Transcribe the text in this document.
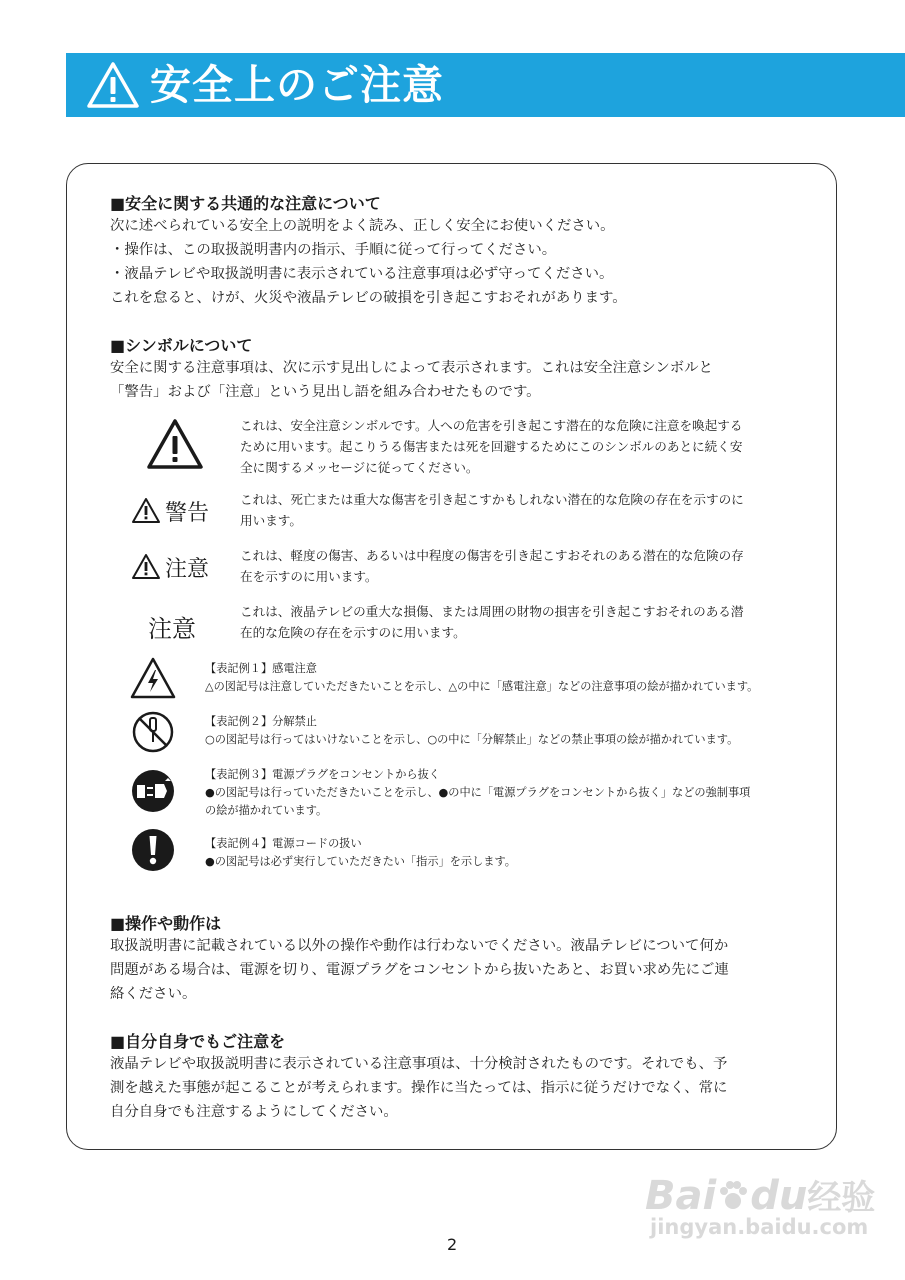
安全上のご注意
■安全に関する共通的な注意について
次に述べられている安全上の説明をよく読み、正しく安全にお使いください。
・操作は、この取扱説明書内の指示、手順に従って行ってください。
・液晶テレビや取扱説明書に表示されている注意事項は必ず守ってください。
これを怠ると、けが、火災や液晶テレビの破損を引き起こすおそれがあります。
■シンボルについて
安全に関する注意事項は、次に示す見出しによって表示されます。これは安全注意シンボルと
「警告」および「注意」という見出し語を組み合わせたものです。
これは、安全注意シンボルです。人への危害を引き起こす潜在的な危険に注意を喚起する
ために用います。起こりうる傷害または死を回避するためにこのシンボルのあとに続く安
全に関するメッセージに従ってください。
警告
これは、死亡または重大な傷害を引き起こすかもしれない潜在的な危険の存在を示すのに
用います。
注意
これは、軽度の傷害、あるいは中程度の傷害を引き起こすおそれのある潜在的な危険の存
在を示すのに用います。
注意
これは、液晶テレビの重大な損傷、または周囲の財物の損害を引き起こすおそれのある潜
在的な危険の存在を示すのに用います。
【表記例１】感電注意
△の図記号は注意していただきたいことを示し、△の中に「感電注意」などの注意事項の絵が描かれています。
【表記例２】分解禁止
○の図記号は行ってはいけないことを示し、○の中に「分解禁止」などの禁止事項の絵が描かれています。
【表記例３】電源プラグをコンセントから抜く
●の図記号は行っていただきたいことを示し、●の中に「電源プラグをコンセントから抜く」などの強制事項
の絵が描かれています。
【表記例４】電源コードの扱い
●の図記号は必ず実行していただきたい「指示」を示します。
■操作や動作は
取扱説明書に記載されている以外の操作や動作は行わないでください。液晶テレビについて何か
問題がある場合は、電源を切り、電源プラグをコンセントから抜いたあと、お買い求め先にご連
絡ください。
■自分自身でもご注意を
液晶テレビや取扱説明書に表示されている注意事項は、十分検討されたものです。それでも、予
測を越えた事態が起こることが考えられます。操作に当たっては、指示に従うだけでなく、常に
自分自身でも注意するようにしてください。
Bai du经验
jingyan.baidu.com
2
